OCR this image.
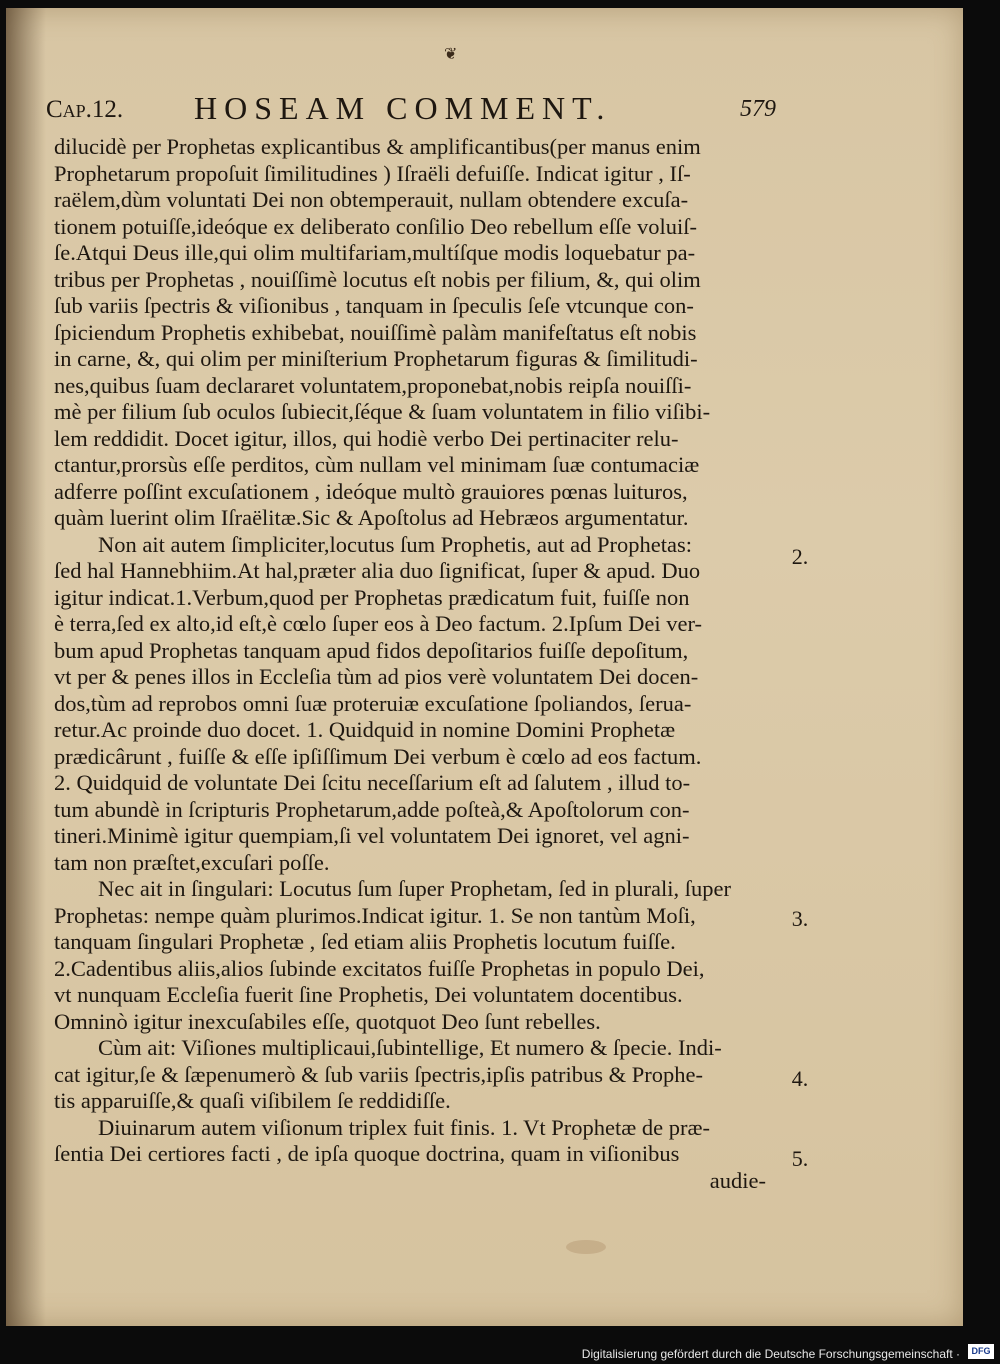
❦
Cap.12. HOSEAM COMMENT.	579
dilucidè per Prophetas explicantibus & amplificantibus(per manus enim
Prophetarum propoſuit ſimilitudines ) Iſraëli defuiſſe. Indicat igitur , Iſ-
raëlem,dùm voluntati Dei non obtemperauit, nullam obtendere excuſa-
tionem potuiſſe,ideóque ex deliberato conſilio Deo rebellum eſſe voluiſ-
ſe.Atqui Deus ille,qui olim multifariam,multíſque modis loquebatur pa-
tribus per Prophetas , nouiſſimè locutus eſt nobis per filium, &, qui olim
ſub variis ſpectris & viſionibus , tanquam in ſpeculis ſeſe vtcunque con-
ſpiciendum Prophetis exhibebat, nouiſſimè palàm manifeſtatus eſt nobis
in carne, &, qui olim per miniſterium Prophetarum figuras & ſimilitudi-
nes,quibus ſuam declararet voluntatem,proponebat,nobis reipſa nouiſſi-
mè per filium ſub oculos ſubiecit,ſéque & ſuam voluntatem in filio viſibi-
lem reddidit. Docet igitur, illos, qui hodiè verbo Dei pertinaciter relu-
ctantur,prorsùs eſſe perditos, cùm nullam vel minimam ſuæ contumaciæ
adferre poſſint excuſationem , ideóque multò grauiores pœnas luituros,
quàm luerint olim Iſraëlitæ.Sic & Apoſtolus ad Hebræos argumentatur.
Non ait autem ſimpliciter,locutus ſum Prophetis, aut ad Prophetas:
ſed hal Hannebhiim.At hal,præter alia duo ſignificat, ſuper & apud. Duo
igitur indicat.1.Verbum,quod per Prophetas prædicatum fuit, fuiſſe non
è terra,ſed ex alto,id eſt,è cœlo ſuper eos à Deo factum. 2.Ipſum Dei ver-
bum apud Prophetas tanquam apud fidos depoſitarios fuiſſe depoſitum,
vt per & penes illos in Eccleſia tùm ad pios verè voluntatem Dei docen-
dos,tùm ad reprobos omni ſuæ proteruiæ excuſatione ſpoliandos, ſerua-
retur.Ac proinde duo docet. 1. Quidquid in nomine Domini Prophetæ
prædicârunt , fuiſſe & eſſe ipſiſſimum Dei verbum è cœlo ad eos factum.
2. Quidquid de voluntate Dei ſcitu neceſſarium eſt ad ſalutem , illud to-
tum abundè in ſcripturis Prophetarum,adde poſteà,& Apoſtolorum con-
tineri.Minimè igitur quempiam,ſi vel voluntatem Dei ignoret, vel agni-
tam non præſtet,excuſari poſſe.
Nec ait in ſingulari: Locutus ſum ſuper Prophetam, ſed in plurali, ſuper
Prophetas: nempe quàm plurimos.Indicat igitur. 1. Se non tantùm Moſi,
tanquam ſingulari Prophetæ , ſed etiam aliis Prophetis locutum fuiſſe.
2.Cadentibus aliis,alios ſubinde excitatos fuiſſe Prophetas in populo Dei,
vt nunquam Eccleſia fuerit ſine Prophetis, Dei voluntatem docentibus.
Omninò igitur inexcuſabiles eſſe, quotquot Deo ſunt rebelles.
Cùm ait: Viſiones multiplicaui,ſubintellige, Et numero & ſpecie. Indi-
cat igitur,ſe & ſæpenumerò & ſub variis ſpectris,ipſis patribus & Prophe-
tis apparuiſſe,& quaſi viſibilem ſe reddidiſſe.
Diuinarum autem viſionum triplex fuit finis. 1. Vt Prophetæ de præ-
ſentia Dei certiores facti , de ipſa quoque doctrina, quam in viſionibus
audie-
2.
3.
4.
5.
Digitalisierung gefördert durch die Deutsche Forschungsgemeinschaft ·	DFG
